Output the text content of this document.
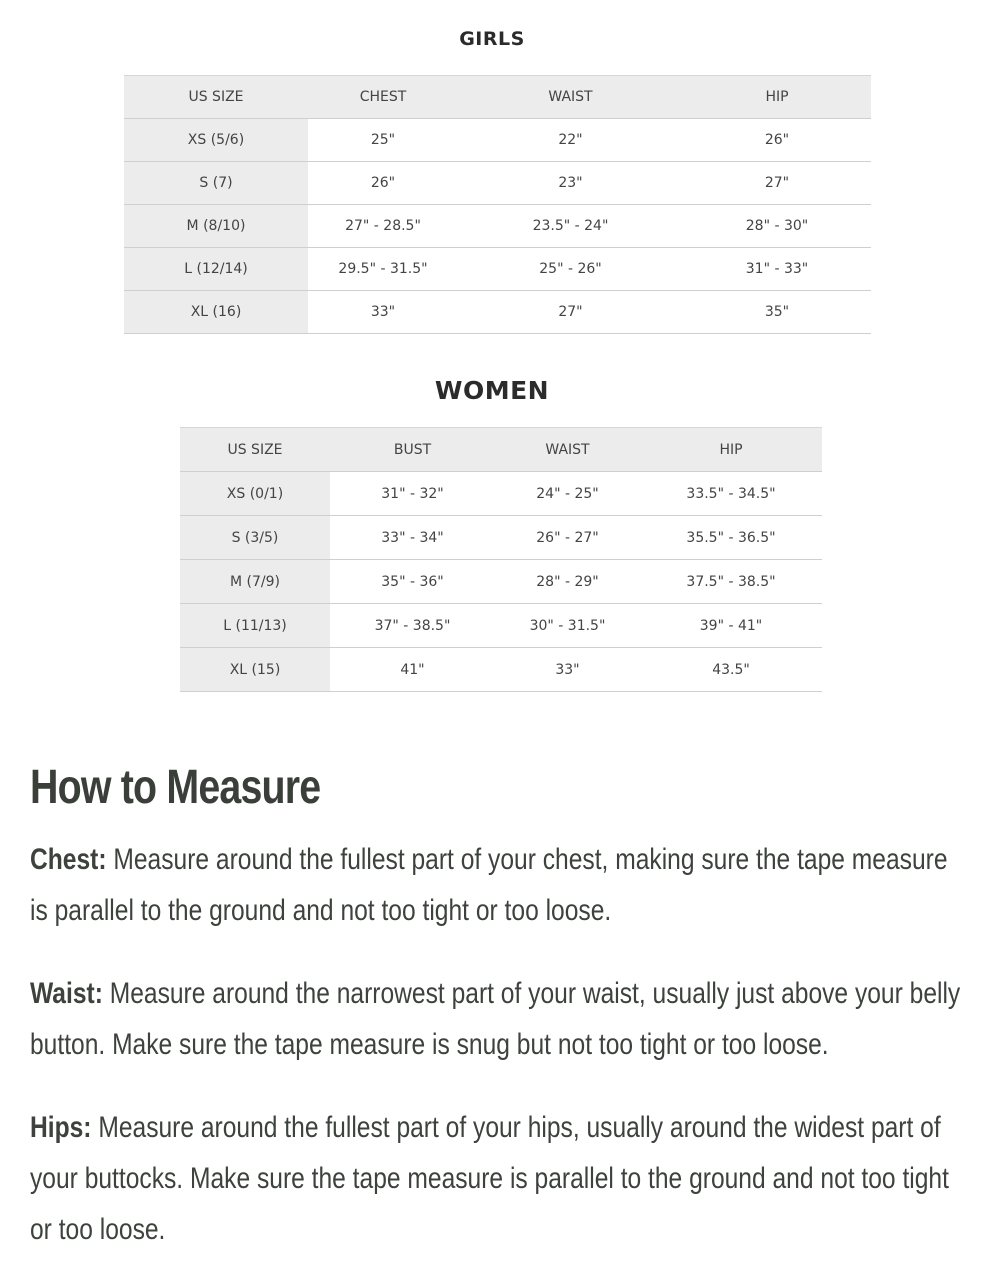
GIRLS
US SIZE	CHEST	WAIST	HIP
XS (5/6)	25"	22"	26"
S (7)	26"	23"	27"
M (8/10)	27" - 28.5"	23.5" - 24"	28" - 30"
L (12/14)	29.5" - 31.5"	25" - 26"	31" - 33"
XL (16)	33"	27"	35"
WOMEN
US SIZE	BUST	WAIST	HIP
XS (0/1)	31" - 32"	24" - 25"	33.5" - 34.5"
S (3/5)	33" - 34"	26" - 27"	35.5" - 36.5"
M (7/9)	35" - 36"	28" - 29"	37.5" - 38.5"
L (11/13)	37" - 38.5"	30" - 31.5"	39" - 41"
XL (15)	41"	33"	43.5"
How to Measure

Chest: Measure around the fullest part of your chest, making sure the tape measure is parallel to the ground and not too tight or too loose.

Waist: Measure around the narrowest part of your waist, usually just above your belly button. Make sure the tape measure is snug but not too tight or too loose.

Hips: Measure around the fullest part of your hips, usually around the widest part of your buttocks. Make sure the tape measure is parallel to the ground and not too tight or too loose.
